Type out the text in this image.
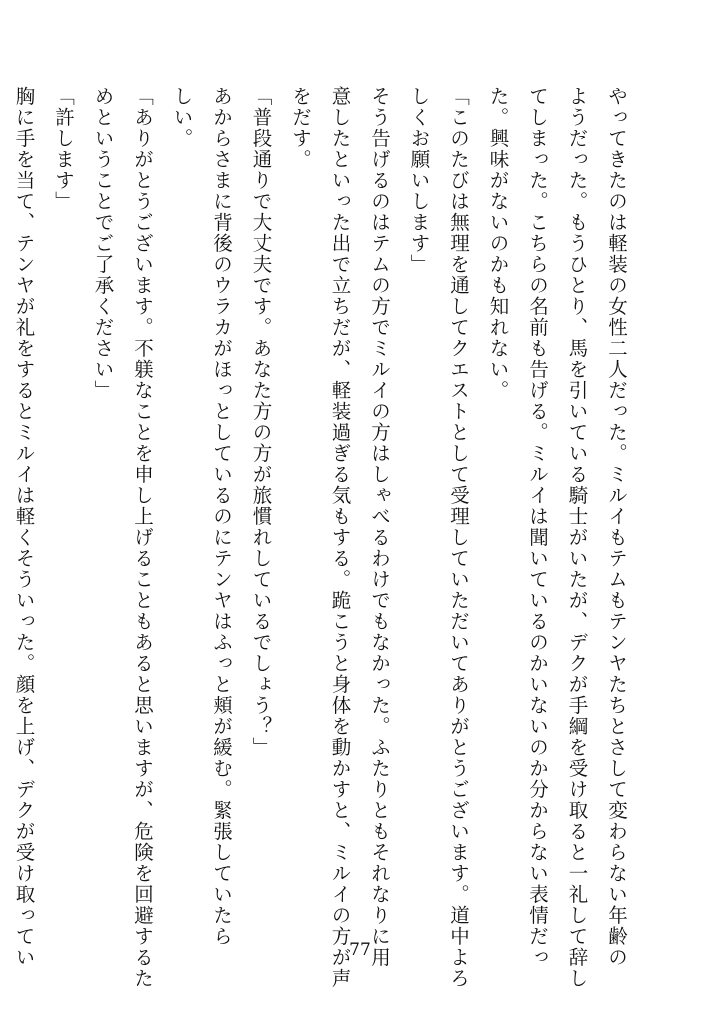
やってきたのは軽装の女性二人だった。ミルイもテムもテンヤたちとさして変わらない年齢の
ようだった。もうひとり、馬を引いている騎士がいたが、デクが手綱を受け取ると一礼して辞し
てしまった。こちらの名前も告げる。ミルイは聞いているのかいないのか分からない表情だっ
た。興味がないのかも知れない。
「このたびは無理を通してクエストとして受理していただいてありがとうございます。道中よろ
しくお願いします」
そう告げるのはテムの方でミルイの方はしゃべるわけでもなかった。ふたりともそれなりに用
意したといった出で立ちだが、軽装過ぎる気もする。跪こうと身体を動かすと、ミルイの方が声
をだす。
「普段通りで大丈夫です。あなた方の方が旅慣れしているでしょう？」
あからさまに背後のウラカがほっとしているのにテンヤはふっと頬が緩む。緊張していたら
しい。
「ありがとうございます。不躾なことを申し上げることもあると思いますが、危険を回避するた
めということでご了承ください」
「許します」
胸に手を当て、テンヤが礼をするとミルイは軽くそういった。顔を上げ、デクが受け取ってい	77
